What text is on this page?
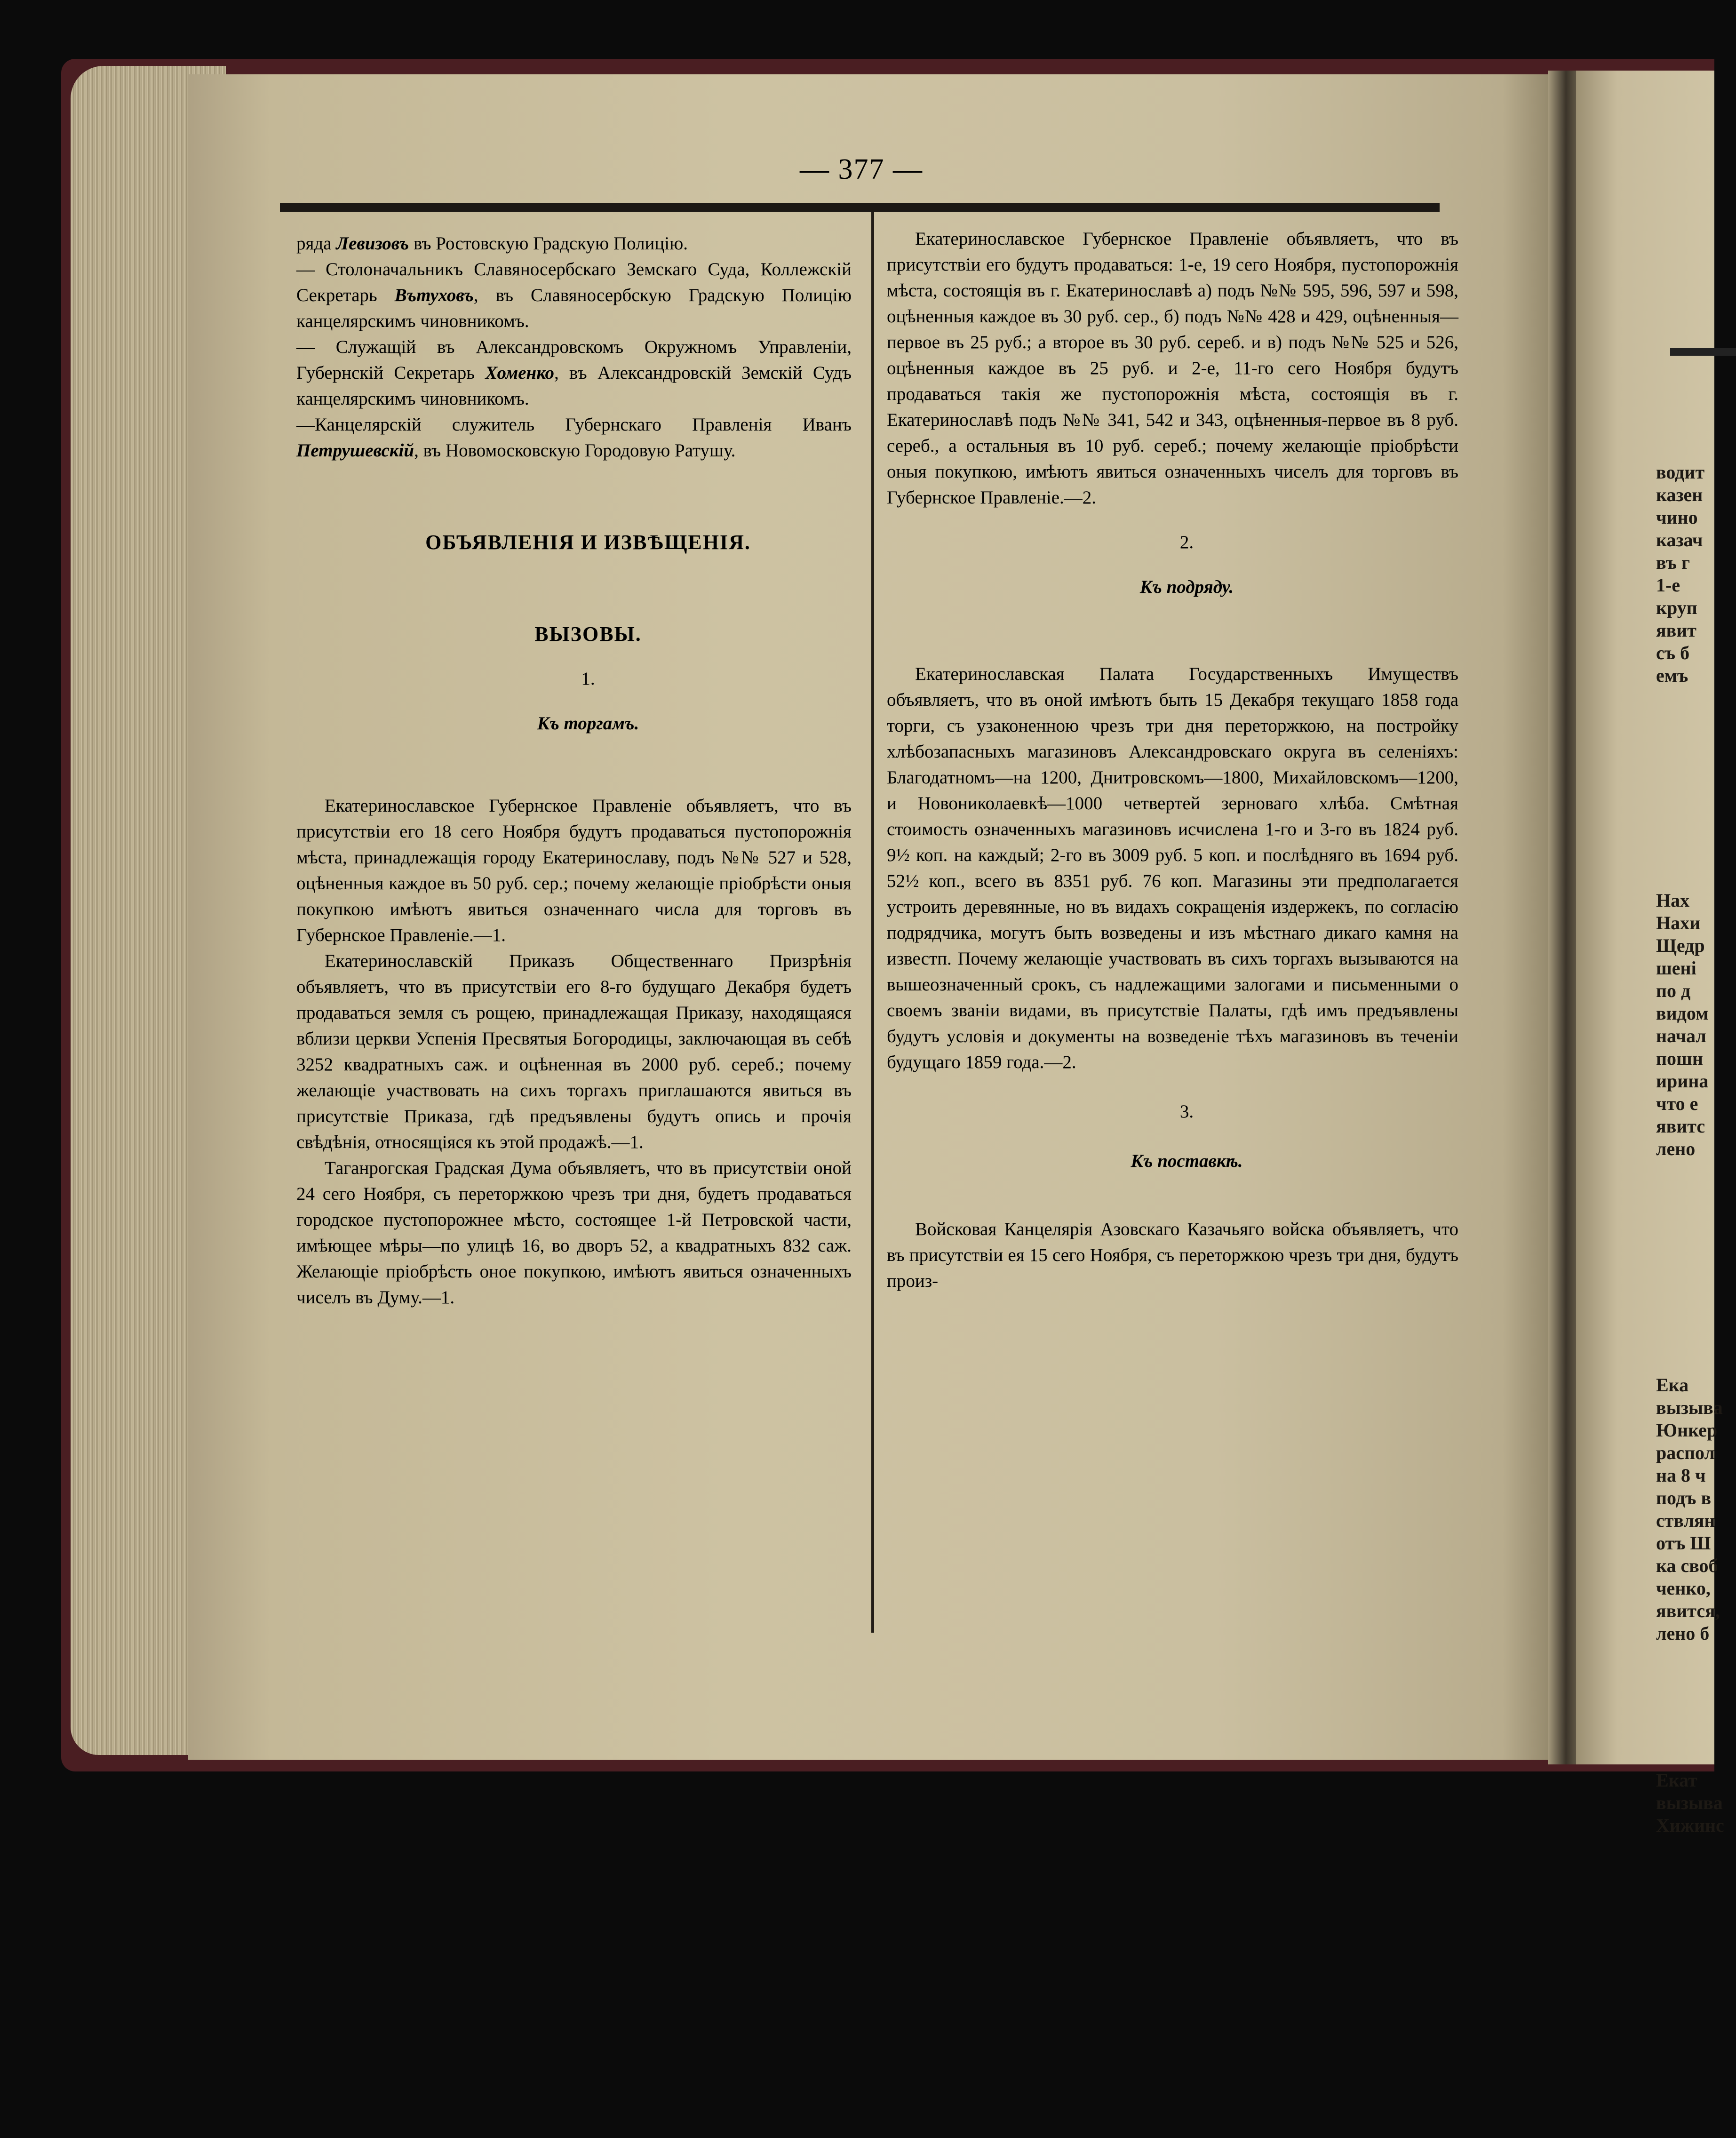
— 377 —

ряда Левизовъ въ Ростовскую Градскую Полицію.

— Столоначальникъ Славяносербскаго Земскаго Суда, Коллежскій Секретарь Вътуховъ, въ Славяносербскую Градскую Полицію канцелярскимъ чиновникомъ.

— Служащій въ Александровскомъ Окружномъ Управленіи, Губернскій Секретарь Хоменко, въ Александровскій Земскій Судъ канцелярскимъ чиновникомъ.

—Канцелярскій служитель Губернскаго Правленія Иванъ Петрушевскій, въ Новомосковскую Городовую Ратушу.

ОБЪЯВЛЕНІЯ И ИЗВѢЩЕНІЯ.

ВЫЗОВЫ.

1.

Къ торгамъ.

Екатеринославское Губернское Правленіе объявляетъ, что въ присутствіи его 18 сего Ноября будутъ продаваться пустопорожнія мѣста, принадлежащія городу Екатеринославу, подъ №№ 527 и 528, оцѣненныя каждое въ 50 руб. сер.; почему желающіе пріобрѣсти оныя покупкою имѣютъ явиться означеннаго числа для торговъ въ Губернское Правленіе.—1.

Екатеринославскій Приказъ Общественнаго Призрѣнія объявляетъ, что въ присутствіи его 8-го будущаго Декабря будетъ продаваться земля съ рощею, принадлежащая Приказу, находящаяся вблизи церкви Успенія Пресвятыя Богородицы, заключающая въ себѣ 3252 квадратныхъ саж. и оцѣненная въ 2000 руб. сереб.; почему желающіе участвовать на сихъ торгахъ приглашаются явиться въ присутствіе Приказа, гдѣ предъявлены будутъ опись и прочія свѣдѣнія, относящіяся къ этой продажѣ.—1.

Таганрогская Градская Дума объявляетъ, что въ присутствіи оной 24 сего Ноября, съ переторжкою чрезъ три дня, будетъ продаваться городское пустопорожнее мѣсто, состоящее 1-й Петровской части, имѣющее мѣры—по улицѣ 16, во дворъ 52, а квадратныхъ 832 саж. Желающіе пріобрѣсть оное покупкою, имѣютъ явиться означенныхъ чиселъ въ Думу.—1.

Екатеринославское Губернское Правленіе объявляетъ, что въ присутствіи его будутъ продаваться: 1-е, 19 сего Ноября, пустопорожнія мѣста, состоящія въ г. Екатеринославѣ а) подъ №№ 595, 596, 597 и 598, оцѣненныя каждое въ 30 руб. сер., б) подъ №№ 428 и 429, оцѣненныя—первое въ 25 руб.; а второе въ 30 руб. сереб. и в) подъ №№ 525 и 526, оцѣненныя каждое въ 25 руб. и 2-е, 11-го сего Ноября будутъ продаваться такія же пустопорожнія мѣста, состоящія въ г. Екатеринославѣ подъ №№ 341, 542 и 343, оцѣненныя-первое въ 8 руб. сереб., а остальныя въ 10 руб. сереб.; почему желающіе пріобрѣсти оныя покупкою, имѣютъ явиться означенныхъ чиселъ для торговъ въ Губернское Правленіе.—2.

2.

Къ подряду.

Екатеринославская Палата Государственныхъ Имуществъ объявляетъ, что въ оной имѣютъ быть 15 Декабря текущаго 1858 года торги, съ узаконенною чрезъ три дня переторжкою, на постройку хлѣбозапасныхъ магазиновъ Александровскаго округа въ селеніяхъ: Благодатномъ—на 1200, Днитровскомъ—1800, Михайловскомъ—1200, и Новониколаевкѣ—1000 четвертей зерноваго хлѣба. Смѣтная стоимость означенныхъ магазиновъ исчислена 1-го и 3-го въ 1824 руб. 9½ коп. на каждый; 2-го въ 3009 руб. 5 коп. и послѣдняго въ 1694 руб. 52½ коп., всего въ 8351 руб. 76 коп. Магазины эти предполагается устроить деревянные, но въ видахъ сокращенія издержекъ, по согласію подрядчика, могутъ быть возведены и изъ мѣстнаго дикаго камня на известп. Почему желающіе участвовать въ сихъ торгахъ вызываются на вышеозначенный срокъ, съ надлежащими залогами и письменными о своемъ званіи видами, въ присутствіе Палаты, гдѣ имъ предъявлены будутъ условія и документы на возведеніе тѣхъ магазиновъ въ теченіи будущаго 1859 года.—2.

3.

Къ поставкѣ.

Войсковая Канцелярія Азовскаго Казачьяго войска объявляетъ, что въ присутствіи ея 15 сего Ноября, съ переторжкою чрезъ три дня, будутъ произ-

водит
казен
чино
казач
въ г
1-е
круп
явит
съ б
емъ
Нах
Нахи
Щедр
шені
по д
видом
начал
пошн
ирина
что е
явитс
лено
Ека
вызыва
Юнкер
распол
на 8 ч
подъ в
ствлян
отъ Ш
ка своб
ченко,
явится,
лено б
Екат
вызыва
Хижинс
